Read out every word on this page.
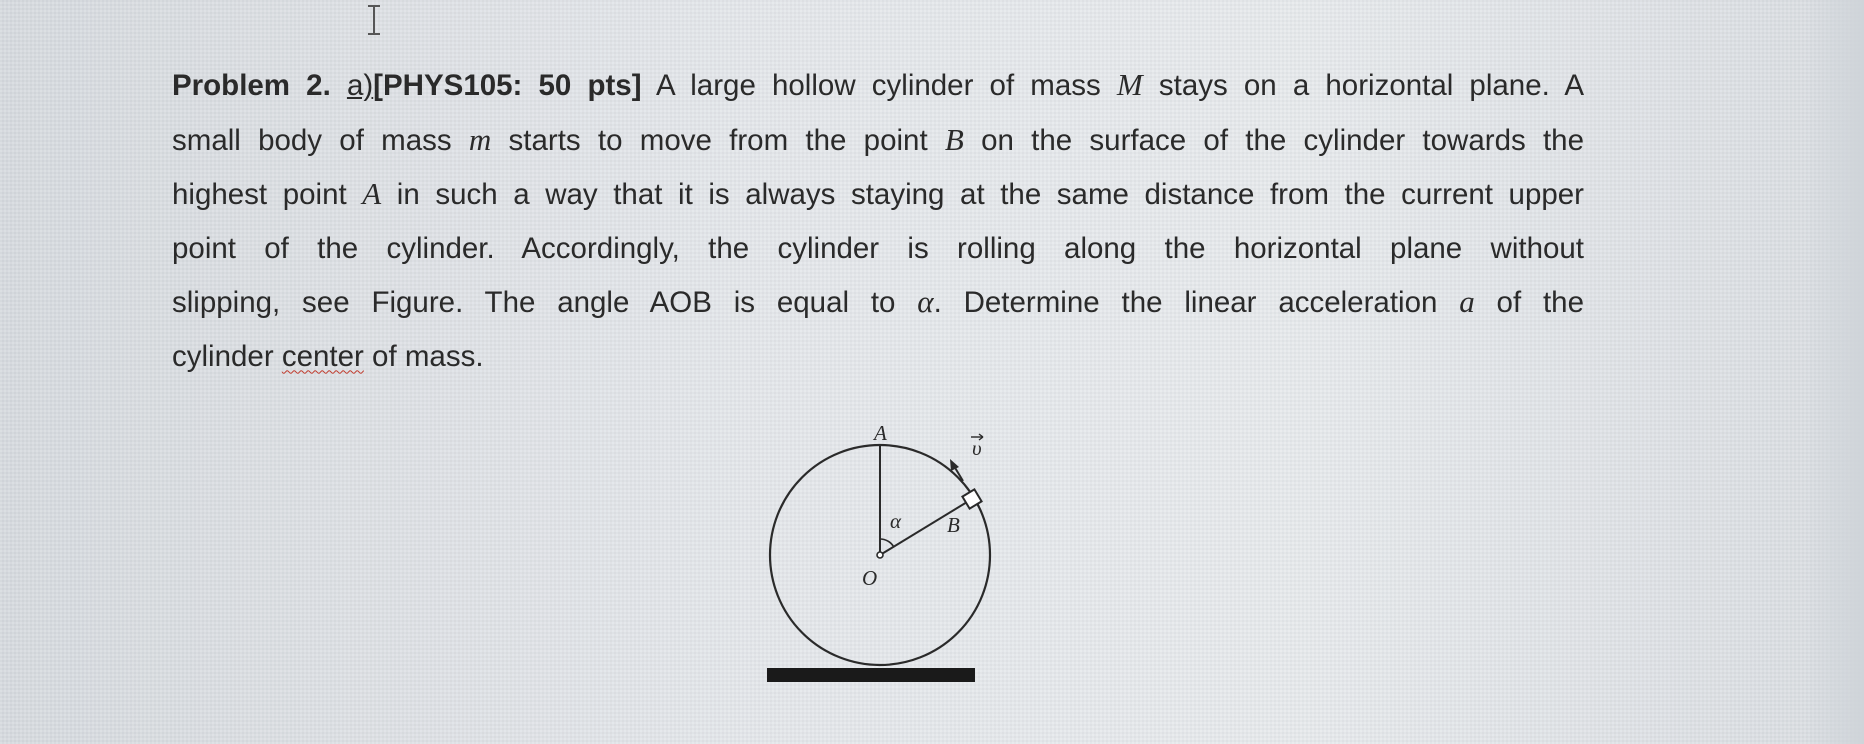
Problem 2. a)[PHYS105: 50 pts] A large hollow cylinder of mass M stays on a horizontal plane. A
small body of mass m starts to move from the point B on the surface of the cylinder towards the
highest point A in such a way that it is always staying at the same distance from the current upper
point of the cylinder. Accordingly, the cylinder is rolling along the horizontal plane without
slipping, see Figure. The angle AOB is equal to α. Determine the linear acceleration a of the
cylinder center of mass.
A
O
B
α
υ
